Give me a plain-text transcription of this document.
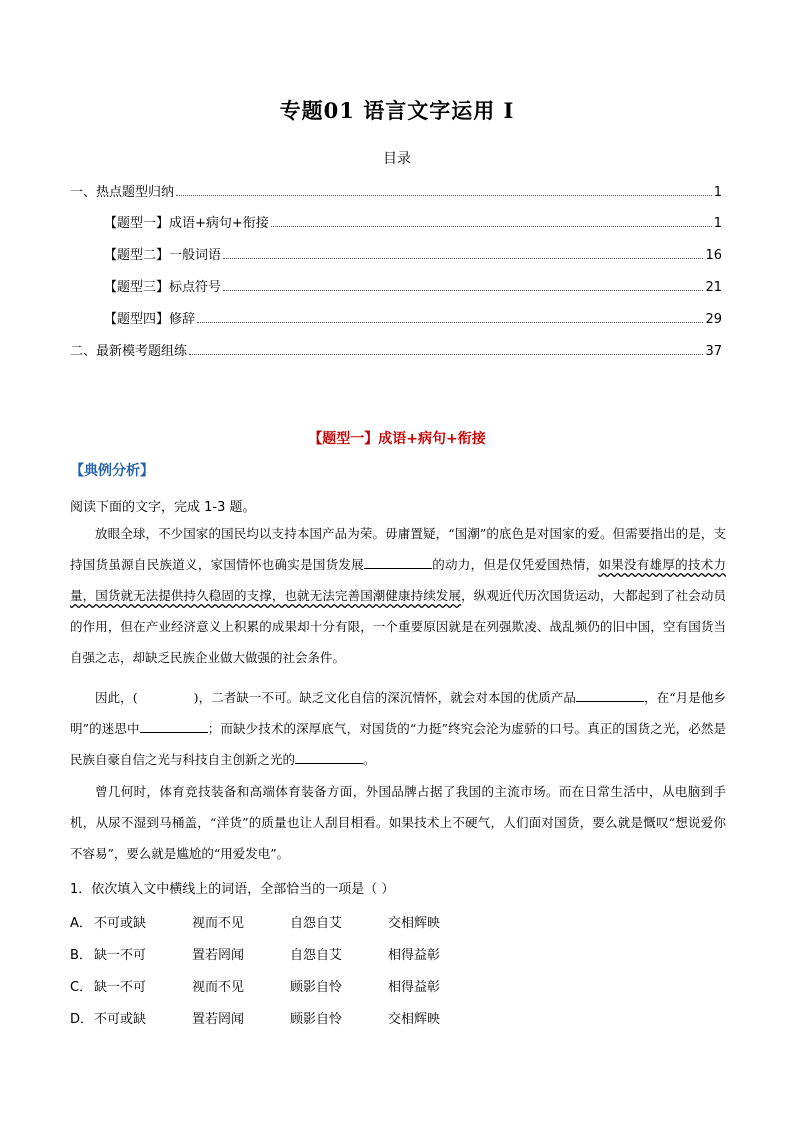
专题01 语言文字运用 I
目录
一、热点题型归纳	1
【题型一】成语+病句+衔接	1
【题型二】一般词语	16
【题型三】标点符号	21
【题型四】修辞	29
二、最新模考题组练	37
【题型一】成语+病句+衔接
【典例分析】
阅读下面的文字，完成 1-3 题。

放眼全球，不少国家的国民均以支持本国产品为荣。毋庸置疑，“国潮”的底色是对国家的爱。但需要指出的是，支持国货虽源自民族道义，家国情怀也确实是国货发展	的动力，但是仅凭爱国热情，如果没有雄厚的技术力量，国货就无法提供持久稳固的支撑，也就无法完善国潮健康持续发展，纵观近代历次国货运动，大都起到了社会动员的作用，但在产业经济意义上积累的成果却十分有限，一个重要原因就是在列强欺凌、战乱频仍的旧中国，空有国货当自强之志，却缺乏民族企业做大做强的社会条件。

因此，(	)，二者缺一不可。缺乏文化自信的深沉情怀，就会对本国的优质产品	，在“月是他乡明”的迷思中	；而缺少技术的深厚底气，对国货的“力挺”终究会沦为虚骄的口号。真正的国货之光，必然是民族自豪自信之光与科技自主创新之光的	。

曾几何时，体育竞技装备和高端体育装备方面，外国品牌占据了我国的主流市场。而在日常生活中，从电脑到手机，从尿不湿到马桶盖，“洋货”的质量也让人刮目相看。如果技术上不硬气，人们面对国货，要么就是慨叹“想说爱你不容易”，要么就是尴尬的“用爱发电”。

1．依次填入文中横线上的词语，全部恰当的一项是（ ）
A． 不可或缺	视而不见	自怨自艾	交相辉映
B． 缺一不可	置若罔闻	自怨自艾	相得益彰
C． 缺一不可	视而不见	顾影自怜	相得益彰
D． 不可或缺	置若罔闻	顾影自怜	交相辉映
